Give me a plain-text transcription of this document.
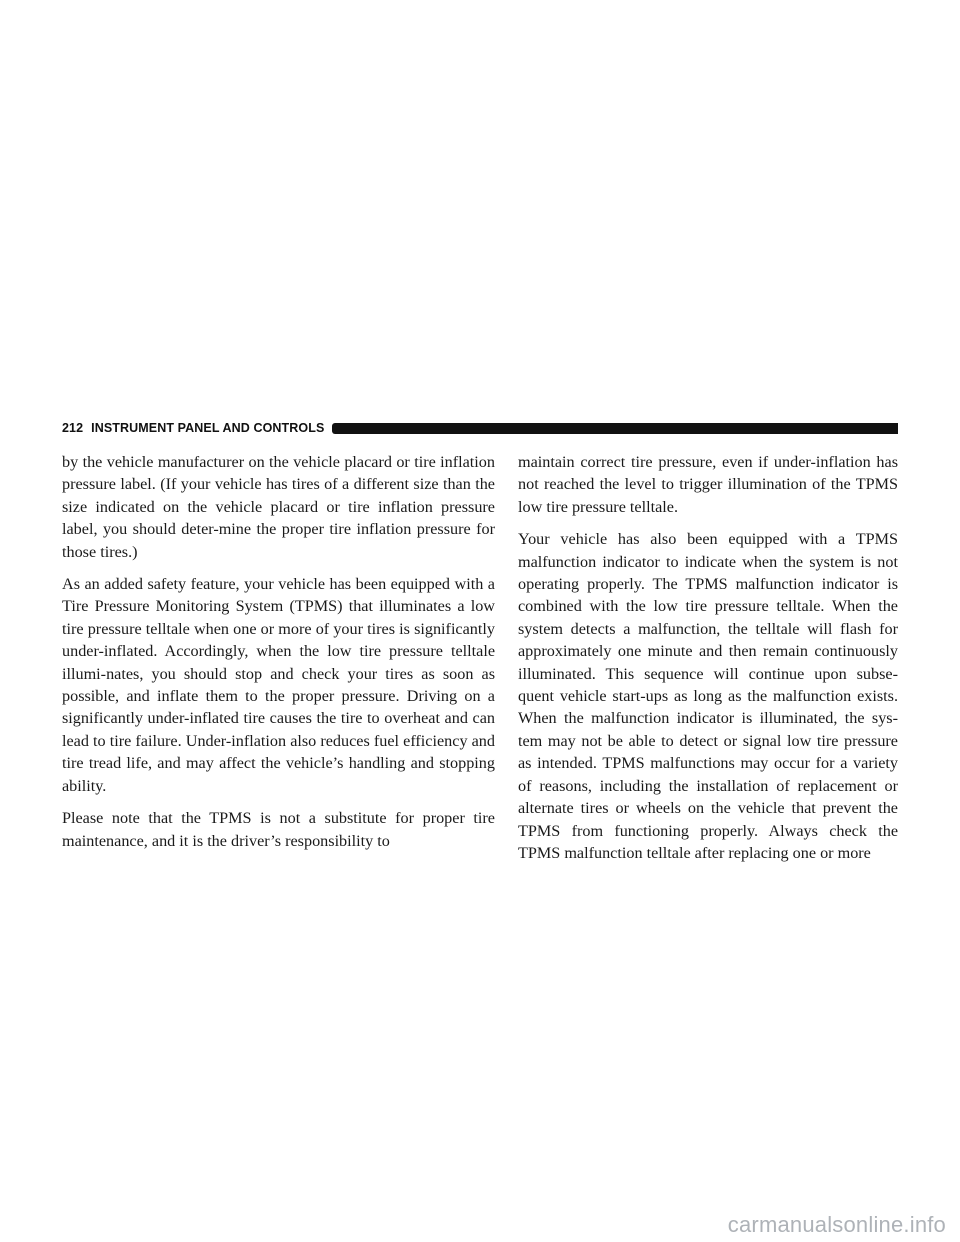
212 INSTRUMENT PANEL AND CONTROLS

by the vehicle manufacturer on the vehicle placard or tire inflation pressure label. (If your vehicle has tires of a different size than the size indicated on the vehicle placard or tire inflation pressure label, you should deter-mine the proper tire inflation pressure for those tires.)

As an added safety feature, your vehicle has been equipped with a Tire Pressure Monitoring System (TPMS) that illuminates a low tire pressure telltale when one or more of your tires is significantly under-inflated. Accordingly, when the low tire pressure telltale illumi-nates, you should stop and check your tires as soon as possible, and inflate them to the proper pressure. Driving on a significantly under-inflated tire causes the tire to overheat and can lead to tire failure. Under-inflation also reduces fuel efficiency and tire tread life, and may affect the vehicle’s handling and stopping ability.

Please note that the TPMS is not a substitute for proper tire maintenance, and it is the driver’s responsibility to

maintain correct tire pressure, even if under-inflation has not reached the level to trigger illumination of the TPMS low tire pressure telltale.

Your vehicle has also been equipped with a TPMS malfunction indicator to indicate when the system is not operating properly. The TPMS malfunction indicator is combined with the low tire pressure telltale. When the system detects a malfunction, the telltale will flash for approximately one minute and then remain continuously illuminated. This sequence will continue upon subse-quent vehicle start-ups as long as the malfunction exists. When the malfunction indicator is illuminated, the sys-tem may not be able to detect or signal low tire pressure as intended. TPMS malfunctions may occur for a variety of reasons, including the installation of replacement or alternate tires or wheels on the vehicle that prevent the TPMS from functioning properly. Always check the TPMS malfunction telltale after replacing one or more

carmanualsonline.info
